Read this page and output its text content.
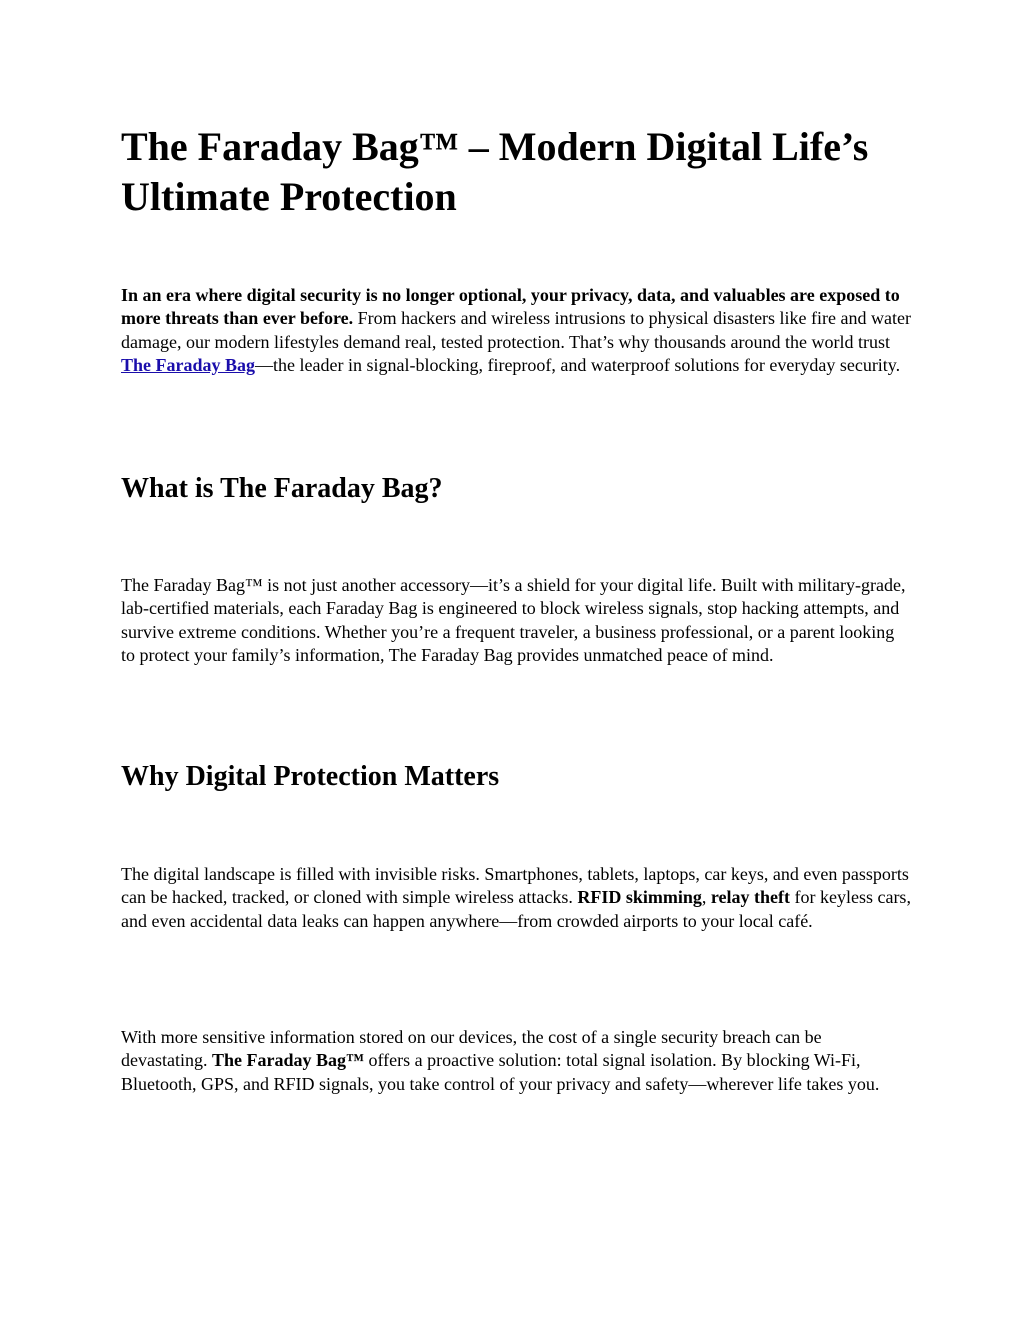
The Faraday Bag™ – Modern Digital Life’s Ultimate Protection

In an era where digital security is no longer optional, your privacy, data, and valuables are exposed to more threats than ever before. From hackers and wireless intrusions to physical disasters like fire and water damage, our modern lifestyles demand real, tested protection. That’s why thousands around the world trust The Faraday Bag—the leader in signal-blocking, fireproof, and waterproof solutions for everyday security.

What is The Faraday Bag?

The Faraday Bag™ is not just another accessory—it’s a shield for your digital life. Built with military-grade, lab-certified materials, each Faraday Bag is engineered to block wireless signals, stop hacking attempts, and survive extreme conditions. Whether you’re a frequent traveler, a business professional, or a parent looking to protect your family’s information, The Faraday Bag provides unmatched peace of mind.

Why Digital Protection Matters

The digital landscape is filled with invisible risks. Smartphones, tablets, laptops, car keys, and even passports can be hacked, tracked, or cloned with simple wireless attacks. RFID skimming, relay theft for keyless cars, and even accidental data leaks can happen anywhere—from crowded airports to your local café.

With more sensitive information stored on our devices, the cost of a single security breach can be devastating. The Faraday Bag™ offers a proactive solution: total signal isolation. By blocking Wi-Fi, Bluetooth, GPS, and RFID signals, you take control of your privacy and safety—wherever life takes you.
